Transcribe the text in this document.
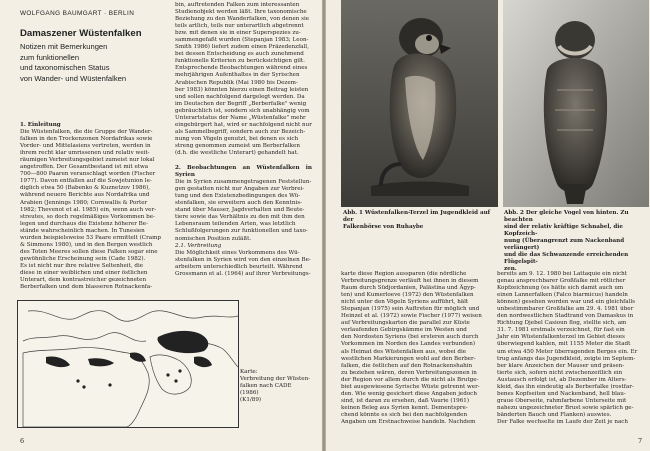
WOLFGANG BAUMGART · BERLIN
Damaszener Wüstenfalken
Notizen mit Bemerkungen
zum funktionellen
und taxonomischen Status
von Wander- und Wüstenfalken

1. Einleitung

Die Wüstenfalken, die die Gruppe der Wander-

falken in den Trockenzonen Nordafrikas sowie

Vorder- und Mittelasiens vertreten, werden in

ihrem recht klar umrissenen und relativ weit-

räumigen Verbreitungsgebiet zumeist nur lokal

angetroffen. Der Gesamtbestand ist mit etwa

700—800 Paaren veranschlagt worden (Fischer

1977). Davon entfallen auf die Sowjetunion le-

diglich etwa 50 (Babenko & Kuznetzov 1986),

während neuere Berichte aus Nordafrika und

Arabien (Jennings 1980; Cornwallis & Porter

1982; Thevenot et al. 1985) ein, wenn auch ver-

streutes, so doch regelmäßiges Vorkommen be-

legen und durchaus die Existenz höherer Be-

stände wahrscheinlich machen. In Tunesien

wurden beispielsweise 53 Paare ermittelt (Cramp

& Simmons 1980), und in den Bergen westlich

des Toten Meeres sollen diese Falken sogar eine

gewöhnliche Erscheinung sein (Cade 1982).

Es ist nicht nur ihre relative Seltenheit, die

diese in einer weiblichen und einer östlichen

Unterart, dem kontrastreicher gezeichneten

Berberfalken und dem blasseren Rotnackenfa-

bin, auftretenden Falken zum interessanten

Studienobjekt werden läßt. Ihre taxonomische

Beziehung zu den Wanderfalken, von denen sie

teils artlich, teils nur unterartlich abgetrennt

bzw. mit denen sie in einer Superspezies zu-

sammengefaßt wurden (Stepanjan 1983; Leon-

Smith 1986) liefert zudem einen Präzedenzfall,

bei dessen Entscheidung es auch zunehmend

funktionelle Kriterien zu berücksichtigen gilt.

Entsprechende Beobachtungen während eines

mehrjährigen Aufenthaltes in der Syrischen

Arabischen Republik (Mai 1980 bis Dezem-

ber 1983) könnten hierzu einen Beitrag leisten

und sollen nachfolgend dargelegt werden. Da

im Deutschen der Begriff „Berberfalke" wenig

gebräuchlich ist, sondern sich unabhängig vom

Unterartstatus der Name „Wüstenfalke" mehr

eingebürgert hat, wird er nachfolgend nicht nur

als Sammelbegriff, sondern auch zur Bezeich-

nung von Vögeln genutzt, bei denen es sich

streng genommen zumeist um Berberfalken

(d.h. die westliche Unterart) gehandelt hat.

2. Beobachtungen an Wüstenfalken in Syrien

Die in Syrien zusammengetragenen Feststellun-

gen gestatten nicht nur Angaben zur Verbrei-

tung und den Existenzbedingungen des Wü-

stenfalken, sie erweitern auch den Kenntnis-

stand über Mauser, Jagdverhalten und Beute-

tiere sowie das Verhältnis zu den mit ihm den

Lebensraum teilenden Arten, was letztlich

Schlußfolgerungen zur funktionellen und taxo-

nomischen Position zuläßt.

2.1. Verbreitung

Die Möglichkeit eines Vorkommens des Wü-

stenfalken in Syrien wird von den einzelnen Be-

arbeitern unterschiedlich beurteilt. Während

Grossmann et al. (1964) auf ihrer Verbreitungs-

Karte:
Verbreitung der Wüsten-
falken nach CADE
(1986)
(K1/89)
6
Abb. 1 Wüstenfalken-Terzel im Jugendkleid auf der
Falkenbörse von Ruhaybe
Abb. 2 Der gleiche Vogel von hinten. Zu beachten
sind der relativ kräftige Schnabel, die Kopfzeich-
nung (Überangrenzt zum Nackenband verlängert)
und die das Schwanzende erreichenden Flügelspit-
zen.

karte diese Region aussparen (die nördliche

Verbreitungsgrenze verläuft hei ihnen in diesem

Raum durch Südjordanien, Palästina und Ägyp-

ten) und Kumerloeve (1972) den Wüstenfalken

nicht unter den Vögeln Syriens aufführt, hält

Stepanjan (1975) sein Auftreten für möglich und

Heinzel et al. (1972) sowie Fischer (1977) weisen

auf Verbreitungskarten die parallel zur Küste

verlaufenden Gebirgskämme im Westen und

den Nordosten Syriens (bei ersteren auch durch

Vorkommen im Norden des Landes verbunden)

als Heimat des Wüstenfalken aus, wobei die

westlichen Markierungen wohl auf den Berber-

falken, die östlichen auf den Rotnackenshahin

zu beziehen wären, deren Verbreitungszonen in

der Region vor allem durch die nicht als Brutge-

biet ausgewiesene Syrische Wüste getrennt wer-

den. Wie wenig gesichert diese Angaben jedoch

sind, ist daran zu ersehen, daß Vaurie (1961)

keinen Beleg aus Syrien kennt. Dementspre-

chend könnte es sich bei den nachfolgenden

Angaben um Erstnachweise handeln. Nachdem

bereits am 9. 12. 1980 bei Lattaquie ein nicht

genau ansprechbarer Großfalke mit rötlicher

Kopfzeichnung (es hätte sich damit auch um

einen Lannerfalken (Falco biarmicus) handeln

können) gesehen worden war und ein gleichfalls

unbestimmbarer Großfalke am 29. 4. 1981 über

den nordwestlichen Stadtrand von Damaskus in

Richtung Djebel Casioun flog, stellte sich, am

31. 7. 1981 erstmals verzeichnet, für fast ein

Jahr ein Wüstenfalkenterzel im Gebiet dieses

überwiegend kahlen, mit 1155 Meter die Stadt

um etwa 450 Meter überragenden Berges ein. Er

trug anfangs das Jugendkleid, zeigte im Septem-

ber klare Anzeichen der Mauser und präsen-

tierte sich, sofern nicht zwischenzeitlich ein

Austausch erfolgt ist, ab Dezember im Alters-

kleid, das ihn eindeutig als Berberfalke (rostfar-

benes Kopfseiten und Nackenband, hell blau-

graue Oberseite, rahmfarbene Unterseite mit

nahezu ungezeichneter Brust sowie spärlich ge-

bänderten Bauch und Flanken) auswies.

Der Falke wechselte im Laufe der Zeit je nach

7
